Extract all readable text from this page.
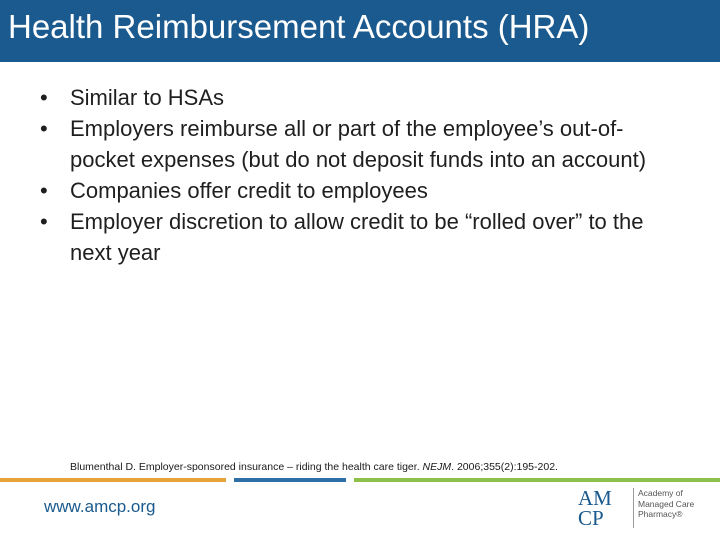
Health Reimbursement Accounts (HRA)
• Similar to HSAs
• Employers reimburse all or part of the employee’s out-of-pocket expenses (but do not deposit funds into an account)
• Companies offer credit to employees
• Employer discretion to allow credit to be “rolled over” to the next year
Blumenthal D. Employer-sponsored insurance – riding the health care tiger. NEJM. 2006;355(2):195-202.
www.amcp.org	AM
CP
Academy of
Managed Care
Pharmacy®
